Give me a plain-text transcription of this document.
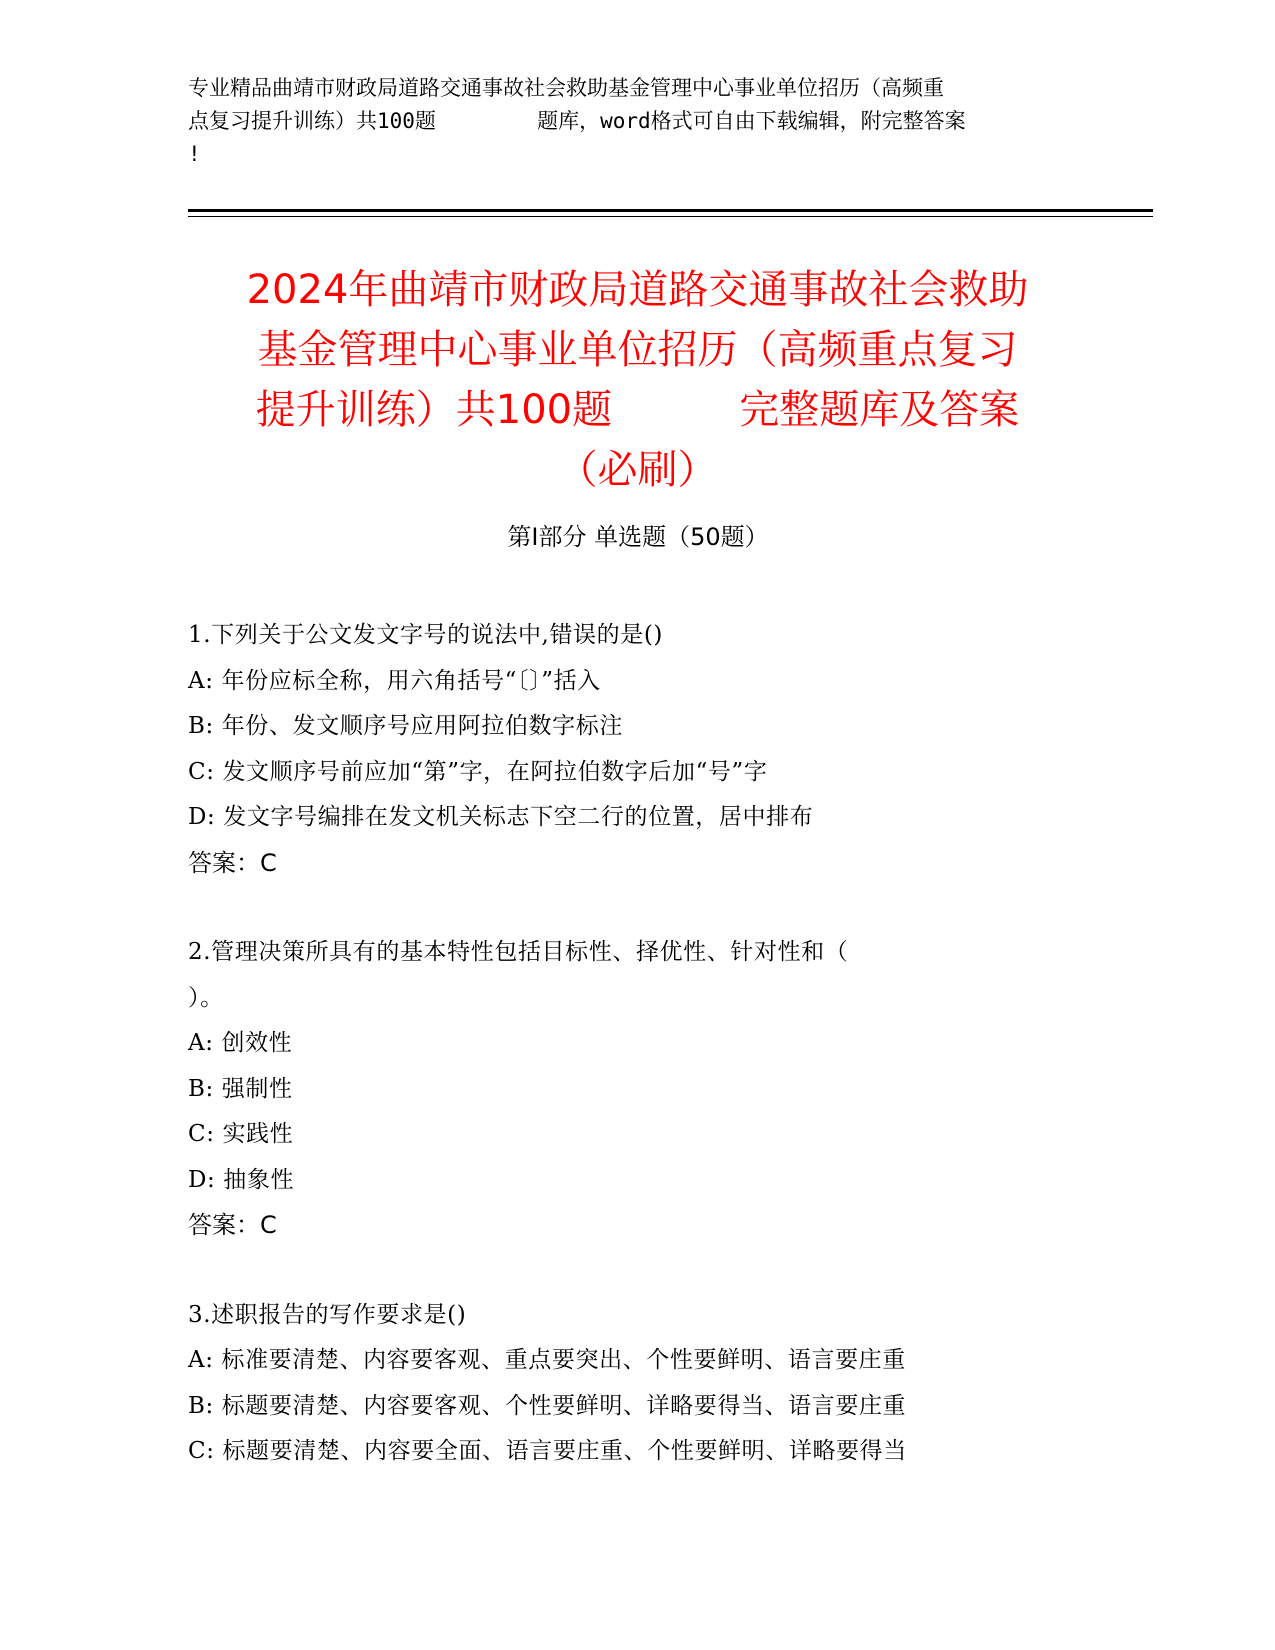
专业精品曲靖市财政局道路交通事故社会救助基金管理中心事业单位招历（高频重
点复习提升训练）共100题        题库，word格式可自由下载编辑，附完整答案
!
2024年曲靖市财政局道路交通事故社会救助
基金管理中心事业单位招历（高频重点复习
提升训练）共100题          完整题库及答案
（必刷）
第Ⅰ部分 单选题（50题）
1.下列关于公文发文字号的说法中,错误的是()
A: 年份应标全称，用六角括号“〔〕”括入
B: 年份、发文顺序号应用阿拉伯数字标注
C: 发文顺序号前应加“第”字，在阿拉伯数字后加“号”字
D: 发文字号编排在发文机关标志下空二行的位置，居中排布
答案：C
2.管理决策所具有的基本特性包括目标性、择优性、针对性和（
）。
A: 创效性
B: 强制性
C: 实践性
D: 抽象性
答案：C
3.述职报告的写作要求是()
A: 标准要清楚、内容要客观、重点要突出、个性要鲜明、语言要庄重
B: 标题要清楚、内容要客观、个性要鲜明、详略要得当、语言要庄重
C: 标题要清楚、内容要全面、语言要庄重、个性要鲜明、详略要得当
